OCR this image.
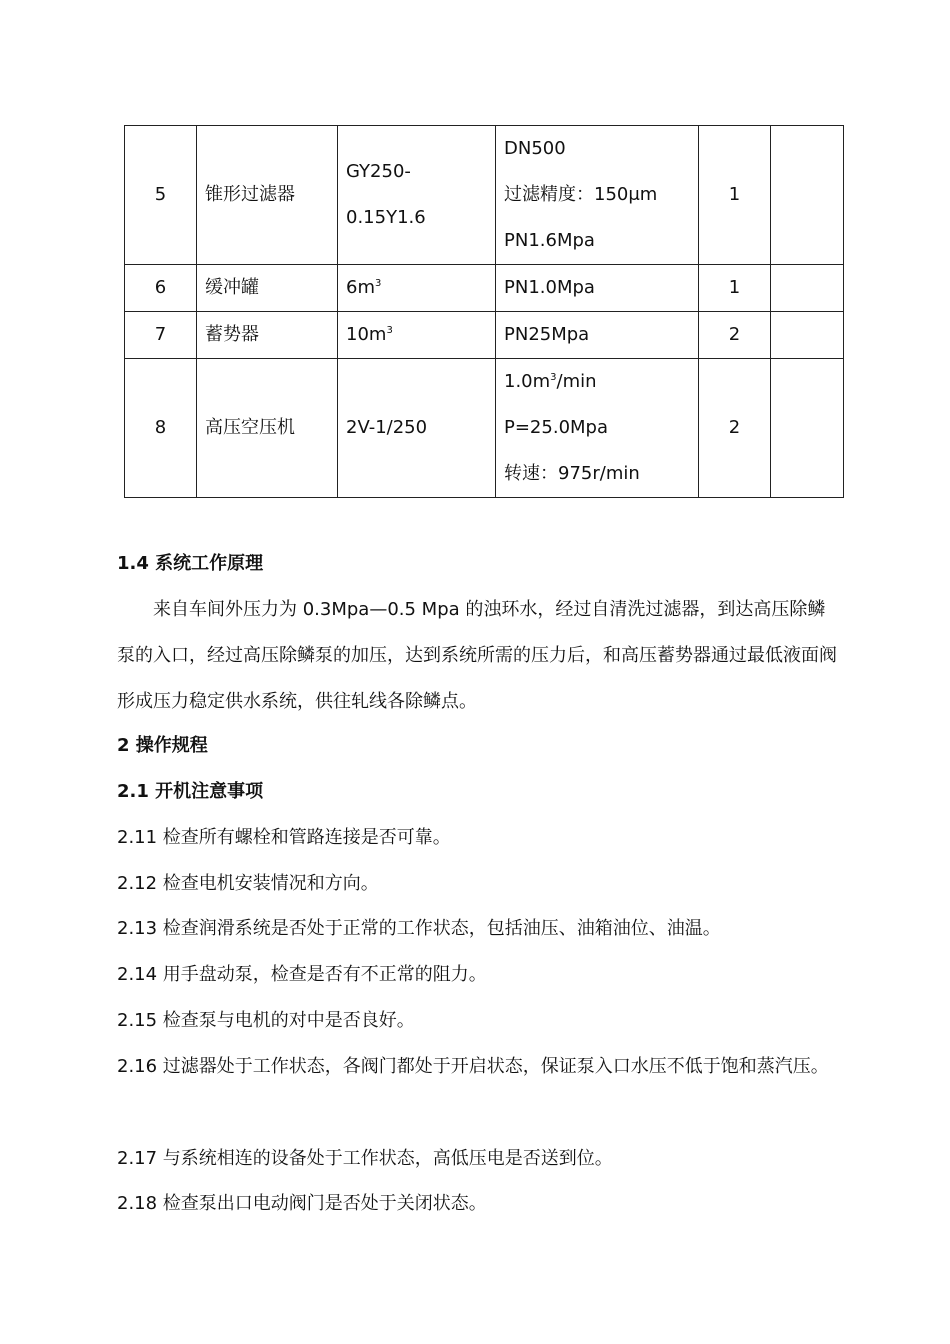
5	锥形过滤器	GY250-
0.15Y1.6	DN500
过滤精度：150μm
PN1.6Mpa	1	
6	缓冲罐	$6m^3$	PN1.0Mpa	1	
7	蓄势器	$10m^3$	PN25Mpa	2	
8	高压空压机	2V-1/250	$1.0m^3/\min$
P=25.0Mpa
转速：975r/min	2	

1.4 系统工作原理

来自车间外压力为 0.3Mpa—0.5 Mpa 的浊环水，经过自清洗过滤器，到达高压除鳞泵的入口，经过高压除鳞泵的加压，达到系统所需的压力后，和高压蓄势器通过最低液面阀形成压力稳定供水系统，供往轧线各除鳞点。

2 操作规程

2.1 开机注意事项

2.11 检查所有螺栓和管路连接是否可靠。

2.12 检查电机安装情况和方向。

2.13 检查润滑系统是否处于正常的工作状态，包括油压、油箱油位、油温。

2.14 用手盘动泵，检查是否有不正常的阻力。

2.15 检查泵与电机的对中是否良好。

2.16 过滤器处于工作状态，各阀门都处于开启状态，保证泵入口水压不低于饱和蒸汽压。

2.17 与系统相连的设备处于工作状态，高低压电是否送到位。

2.18 检查泵出口电动阀门是否处于关闭状态。
